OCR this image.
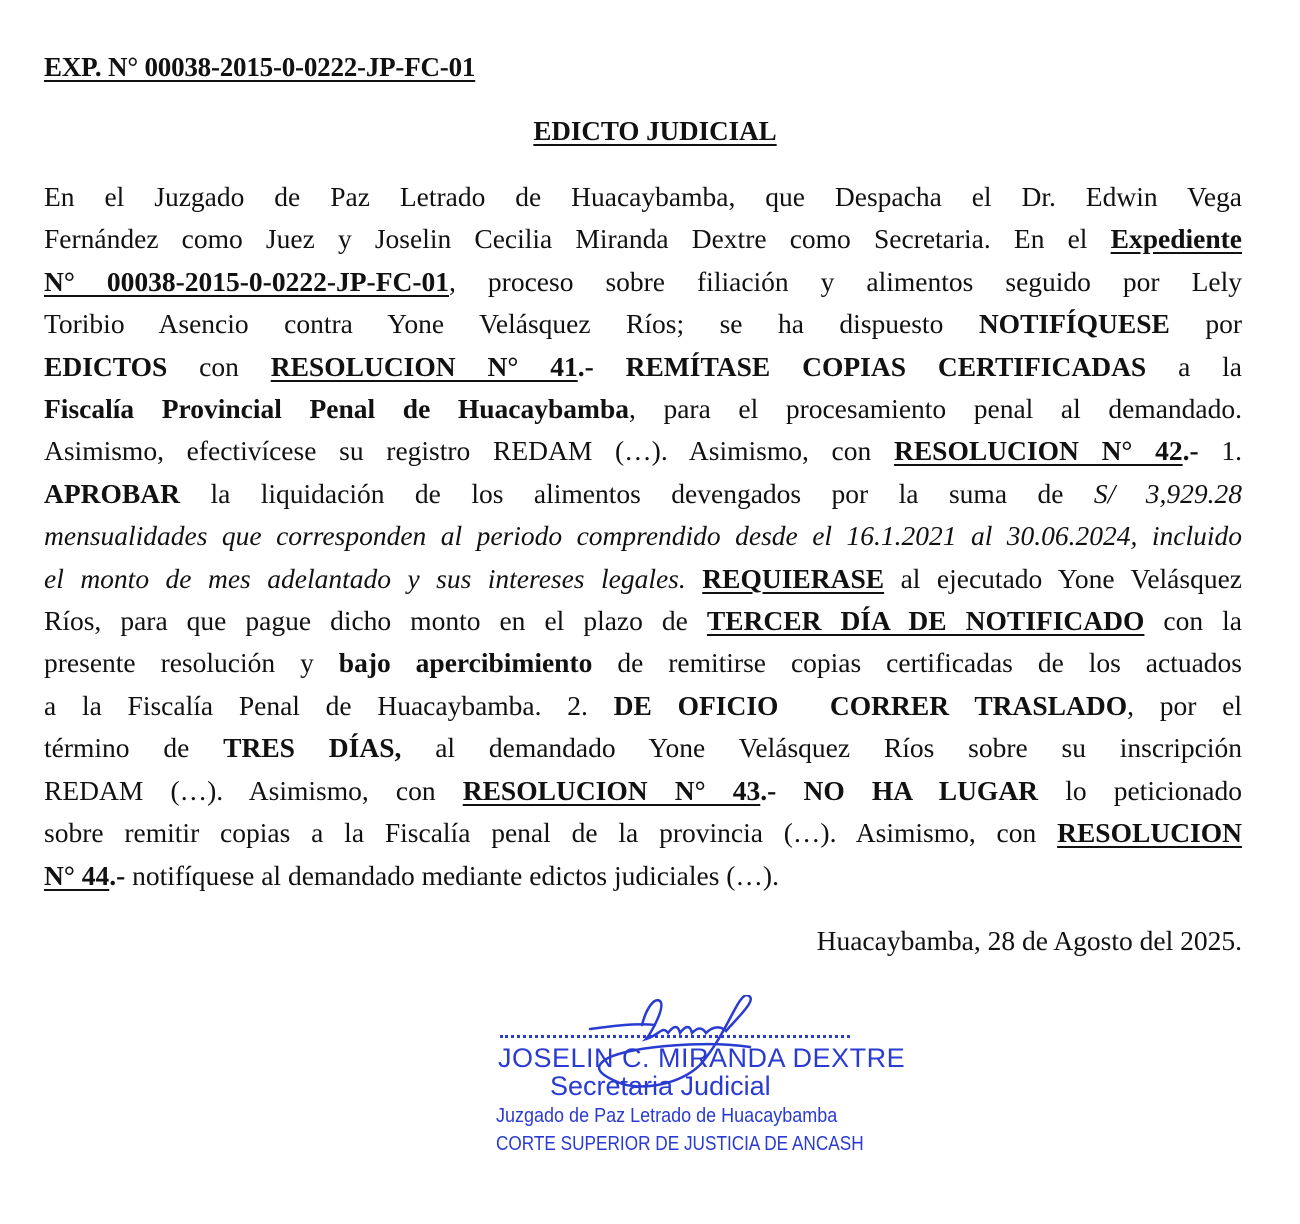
EXP. N° 00038-2015-0-0222-JP-FC-01
EDICTO JUDICIAL
En el Juzgado de Paz Letrado de Huacaybamba, que Despacha el Dr. Edwin Vega
Fernández como Juez y Joselin Cecilia Miranda Dextre como Secretaria. En el Expediente
N° 00038-2015-0-0222-JP-FC-01, proceso sobre filiación y alimentos seguido por Lely
Toribio Asencio contra Yone Velásquez Ríos; se ha dispuesto NOTIFÍQUESE por
EDICTOS con RESOLUCION N° 41.- REMÍTASE COPIAS CERTIFICADAS a la
Fiscalía Provincial Penal de Huacaybamba, para el procesamiento penal al demandado.
Asimismo, efectivícese su registro REDAM (…). Asimismo, con RESOLUCION N° 42.- 1.
APROBAR la liquidación de los alimentos devengados por la suma de S/ 3,929.28
mensualidades que corresponden al periodo comprendido desde el 16.1.2021 al 30.06.2024, incluido
el monto de mes adelantado y sus intereses legales. REQUIERASE al ejecutado Yone Velásquez
Ríos, para que pague dicho monto en el plazo de TERCER DÍA DE NOTIFICADO con la
presente resolución y bajo apercibimiento de remitirse copias certificadas de los actuados
a la Fiscalía Penal de Huacaybamba. 2. DE OFICIO  CORRER TRASLADO, por el
término de TRES DÍAS, al demandado Yone Velásquez Ríos sobre su inscripción
REDAM (…). Asimismo, con RESOLUCION N° 43.- NO HA LUGAR lo peticionado
sobre remitir copias a la Fiscalía penal de la provincia (…). Asimismo, con RESOLUCION
N° 44.- notifíquese al demandado mediante edictos judiciales (…).
Huacaybamba, 28 de Agosto del 2025.
JOSELIN C. MIRANDA DEXTRE
Secretaria Judicial
Juzgado de Paz Letrado de Huacaybamba
CORTE SUPERIOR DE JUSTICIA DE ANCASH
